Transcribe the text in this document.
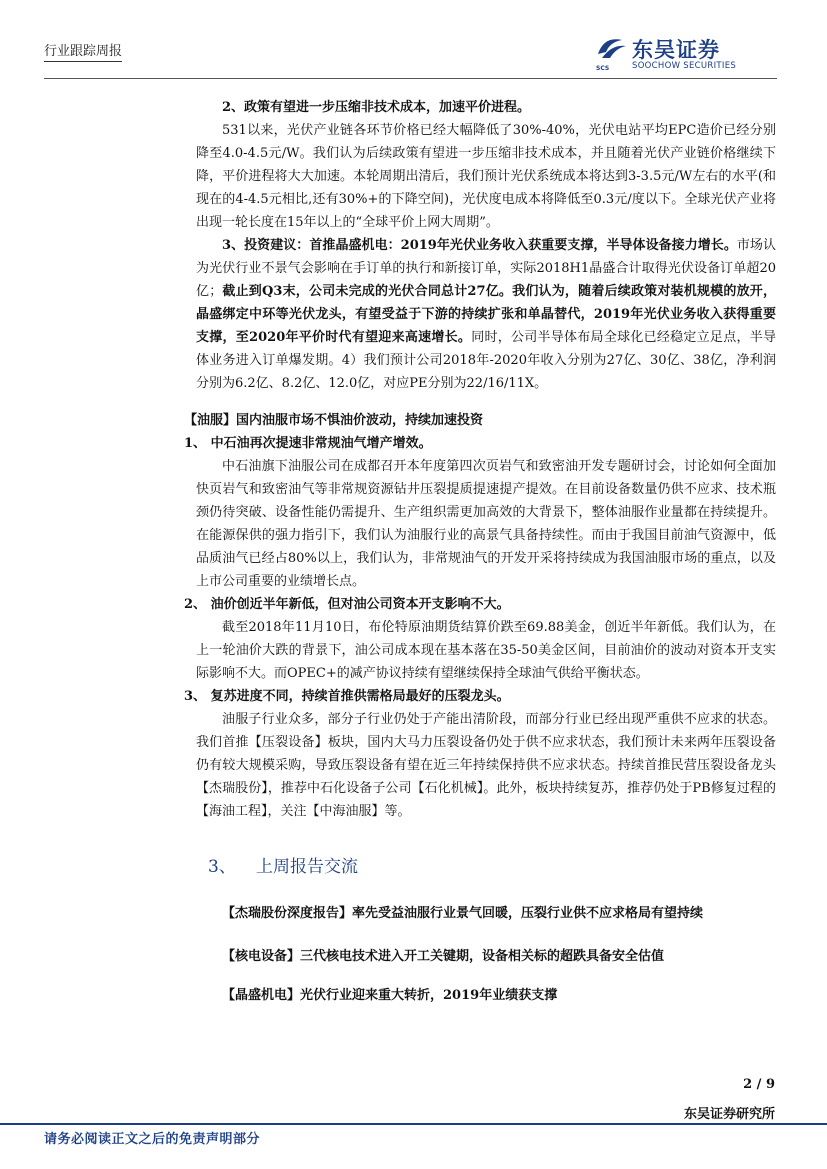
行业跟踪周报
SCS
东吴证券
SOOCHOW SECURITIES

2、政策有望进一步压缩非技术成本，加速平价进程。

531以来，光伏产业链各环节价格已经大幅降低了30%-40%，光伏电站平均EPC造价已经分别降至4.0-4.5元/W。我们认为后续政策有望进一步压缩非技术成本，并且随着光伏产业链价格继续下降，平价进程将大大加速。本轮周期出清后，我们预计光伏系统成本将达到3-3.5元/W左右的水平(和现在的4-4.5元相比,还有30%+的下降空间)，光伏度电成本将降低至0.3元/度以下。全球光伏产业将出现一轮长度在15年以上的“全球平价上网大周期”。

3、投资建议：首推晶盛机电：2019年光伏业务收入获重要支撑，半导体设备接力增长。市场认为光伏行业不景气会影响在手订单的执行和新接订单，实际2018H1晶盛合计取得光伏设备订单超20亿；截止到Q3末，公司未完成的光伏合同总计27亿。我们认为，随着后续政策对装机规模的放开，晶盛绑定中环等光伏龙头，有望受益于下游的持续扩张和单晶替代，2019年光伏业务收入获得重要支撑，至2020年平价时代有望迎来高速增长。同时，公司半导体布局全球化已经稳定立足点，半导体业务进入订单爆发期。4）我们预计公司2018年-2020年收入分别为27亿、30亿、38亿，净利润分别为6.2亿、8.2亿、12.0亿，对应PE分别为22/16/11X。

【油服】国内油服市场不惧油价波动，持续加速投资

1、 中石油再次提速非常规油气增产增效。

中石油旗下油服公司在成都召开本年度第四次页岩气和致密油开发专题研讨会，讨论如何全面加快页岩气和致密油气等非常规资源钻井压裂提质提速提产提效。在目前设备数量仍供不应求、技术瓶颈仍待突破、设备性能仍需提升、生产组织需更加高效的大背景下，整体油服作业量都在持续提升。在能源保供的强力指引下，我们认为油服行业的高景气具备持续性。而由于我国目前油气资源中，低品质油气已经占80%以上，我们认为，非常规油气的开发开采将持续成为我国油服市场的重点，以及上市公司重要的业绩增长点。

2、 油价创近半年新低，但对油公司资本开支影响不大。

截至2018年11月10日，布伦特原油期货结算价跌至69.88美金，创近半年新低。我们认为，在上一轮油价大跌的背景下，油公司成本现在基本落在35-50美金区间，目前油价的波动对资本开支实际影响不大。而OPEC+的减产协议持续有望继续保持全球油气供给平衡状态。

3、 复苏进度不同，持续首推供需格局最好的压裂龙头。

油服子行业众多，部分子行业仍处于产能出清阶段，而部分行业已经出现严重供不应求的状态。我们首推【压裂设备】板块，国内大马力压裂设备仍处于供不应求状态，我们预计未来两年压裂设备仍有较大规模采购，导致压裂设备有望在近三年持续保持供不应求状态。持续首推民营压裂设备龙头【杰瑞股份】，推荐中石化设备子公司【石化机械】。此外，板块持续复苏，推荐仍处于PB修复过程的【海油工程】，关注【中海油服】等。

3、 上周报告交流

【杰瑞股份深度报告】率先受益油服行业景气回暖，压裂行业供不应求格局有望持续

【核电设备】三代核电技术进入开工关键期，设备相关标的超跌具备安全估值

【晶盛机电】光伏行业迎来重大转折，2019年业绩获支撑

2 / 9
东吴证券研究所
请务必阅读正文之后的免责声明部分
